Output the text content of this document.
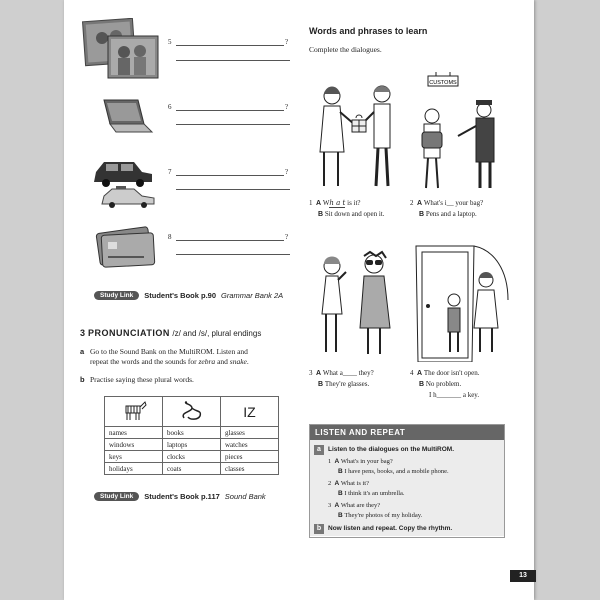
5	?
6	?
7	?
8	?
Study Link	Student's Book p.90 Grammar Bank 2A
3 PRONUNCIATION /z/ and /s/, plural endings
a Go to the Sound Bank on the MultiROM. Listen and
repeat the words and the sounds for zebra and snake.
b Practise saying these plural words.
		IZ
names	books	glasses
windows	laptops	watches
keys	clocks	pieces
holidays	coats	classes
Study Link	Student's Book p.117 Sound Bank
Words and phrases to learn
Complete the dialogues.
CUSTOMS
1 A Wh a t is it?
B Sit down and open it.
2 A What's i__ your bag?
B Pens and a laptop.
3 A What a____ they?
B They're glasses.
4 A The door isn't open.
B No problem.
I h_______ a key.
LISTEN AND REPEAT
a	Listen to the dialogues on the MultiROM.
1 A What's in your bag?
B I have pens, books, and a mobile phone.
2 A What is it?
B I think it's an umbrella.
3 A What are they?
B They're photos of my holiday.
b	Now listen and repeat. Copy the rhythm.
13
